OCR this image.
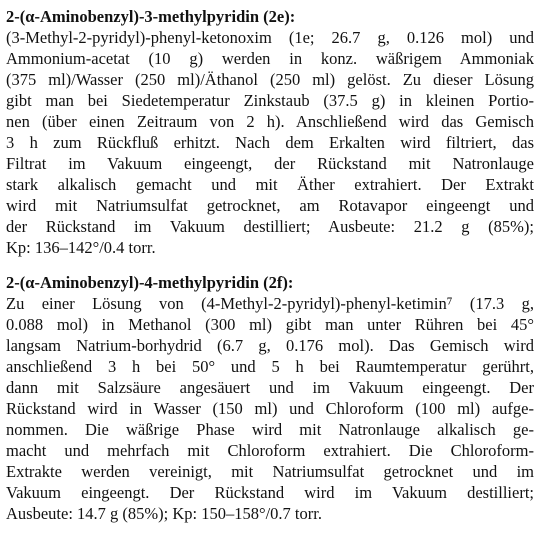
2-(α-Aminobenzyl)-3-methylpyridin (2e):
(3-Methyl-2-pyridyl)-phenyl-ketonoxim (1e; 26.7 g, 0.126 mol) und
Ammonium-acetat (10 g) werden in konz. wäßrigem Ammoniak
(375 ml)/Wasser (250 ml)/Äthanol (250 ml) gelöst. Zu dieser Lösung
gibt man bei Siedetemperatur Zinkstaub (37.5 g) in kleinen Portio-
nen (über einen Zeitraum von 2 h). Anschließend wird das Gemisch
3 h zum Rückfluß erhitzt. Nach dem Erkalten wird filtriert, das
Filtrat im Vakuum eingeengt, der Rückstand mit Natronlauge
stark alkalisch gemacht und mit Äther extrahiert. Der Extrakt
wird mit Natriumsulfat getrocknet, am Rotavapor eingeengt und
der Rückstand im Vakuum destilliert; Ausbeute: 21.2 g (85%);
Kp: 136–142°/0.4 torr.
2-(α-Aminobenzyl)-4-methylpyridin (2f):
Zu einer Lösung von (4-Methyl-2-pyridyl)-phenyl-ketimin⁷ (17.3 g,
0.088 mol) in Methanol (300 ml) gibt man unter Rühren bei 45°
langsam Natrium-borhydrid (6.7 g, 0.176 mol). Das Gemisch wird
anschließend 3 h bei 50° und 5 h bei Raumtemperatur gerührt,
dann mit Salzsäure angesäuert und im Vakuum eingeengt. Der
Rückstand wird in Wasser (150 ml) und Chloroform (100 ml) aufge-
nommen. Die wäßrige Phase wird mit Natronlauge alkalisch ge-
macht und mehrfach mit Chloroform extrahiert. Die Chloroform-
Extrakte werden vereinigt, mit Natriumsulfat getrocknet und im
Vakuum eingeengt. Der Rückstand wird im Vakuum destilliert;
Ausbeute: 14.7 g (85%); Kp: 150–158°/0.7 torr.
